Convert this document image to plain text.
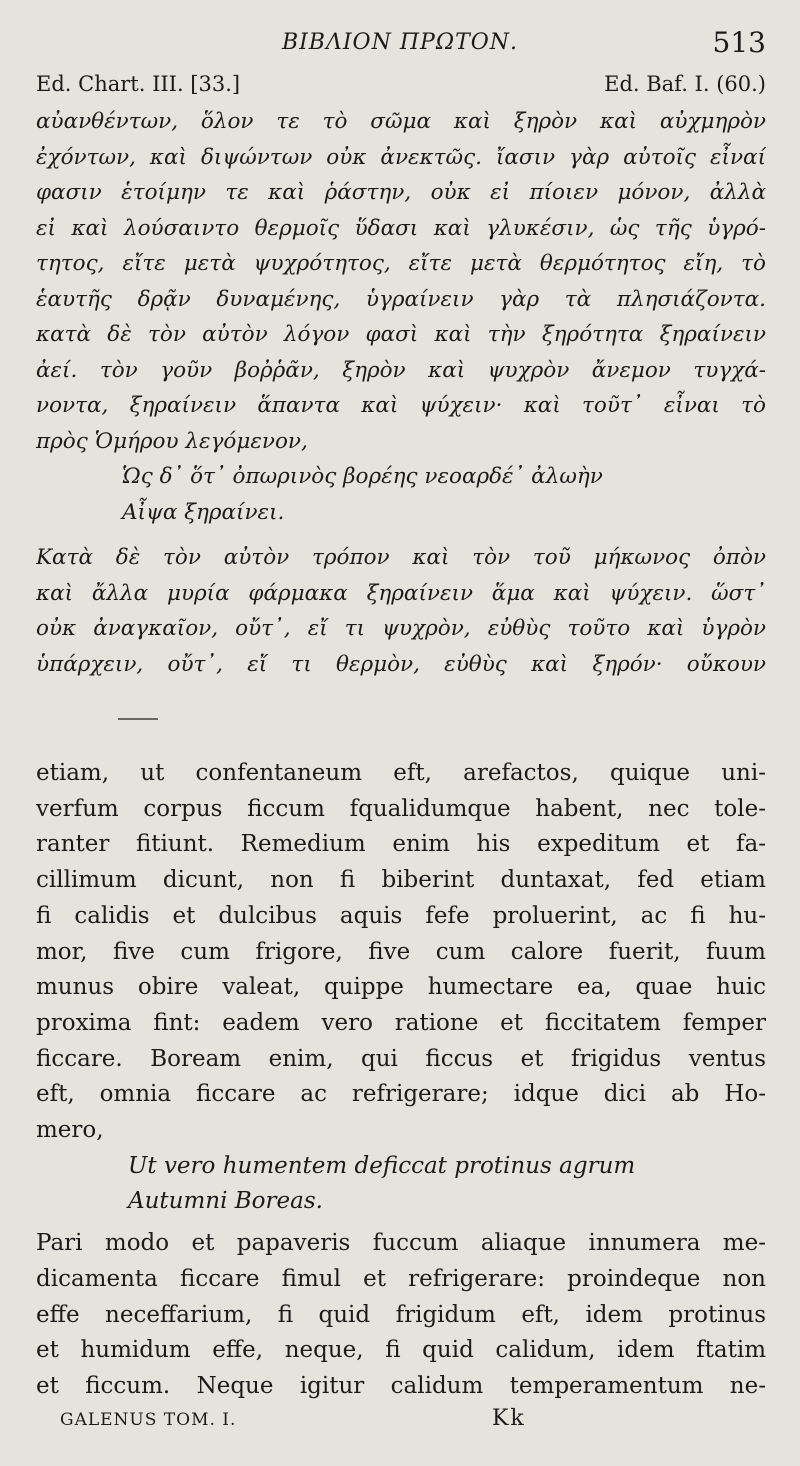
BIBΛΙΟΝ ΠΡΩΤΟΝ.	513
Ed. Chart. III. [33.]	Ed. Baf. I. (60.)
αὐανθέντων, ὅλον τε τὸ σῶμα καὶ ξηρὸν καὶ αὐχμηρὸν
ἐχόντων, καὶ διψώντων οὐκ ἀνεκτῶς. ἴασιν γὰρ αὐτοῖς εἶναί
φασιν ἑτοίμην τε καὶ ῥάστην, οὐκ εἰ πίοιεν μόνον, ἀλλὰ
εἰ καὶ λούσαιντο θερμοῖς ὕδασι καὶ γλυκέσιν, ὡς τῆς ὑγρό-
τητος, εἴτε μετὰ ψυχρότητος, εἴτε μετὰ θερμότητος εἴη, τὸ
ἑαυτῆς δρᾷν δυναμένης, ὑγραίνειν γὰρ τὰ πλησιάζοντα.
κατὰ δὲ τὸν αὐτὸν λόγον φασὶ καὶ τὴν ξηρότητα ξηραίνειν
ἀεί. τὸν γοῦν βοῤῥᾶν, ξηρὸν καὶ ψυχρὸν ἄνεμον τυγχά-
νοντα, ξηραίνειν ἅπαντα καὶ ψύχειν· καὶ τοῦτ᾽ εἶναι τὸ
πρὸς Ὁμήρου λεγόμενον,
Ὡς δ᾽ ὅτ᾽ ὀπωρινὸς βορέης νεοαρδέ᾽ ἀλωὴν
Αἶψα ξηραίνει.
Κατὰ δὲ τὸν αὐτὸν τρόπον καὶ τὸν τοῦ μήκωνος ὀπὸν
καὶ ἄλλα μυρία φάρμακα ξηραίνειν ἅμα καὶ ψύχειν. ὥστ᾽
οὐκ ἀναγκαῖον, οὔτ᾽, εἴ τι ψυχρὸν, εὐθὺς τοῦτο καὶ ὑγρὸν
ὑπάρχειν, οὔτ᾽, εἴ τι θερμὸν, εὐθὺς καὶ ξηρόν· οὔκουν
etiam, ut confentaneum eft, arefactos, quique uni-
verfum corpus ficcum fqualidumque habent, nec tole-
ranter fitiunt. Remedium enim his expeditum et fa-
cillimum dicunt, non fi biberint duntaxat, fed etiam
fi calidis et dulcibus aquis fefe proluerint, ac fi hu-
mor, five cum frigore, five cum calore fuerit, fuum
munus obire valeat, quippe humectare ea, quae huic
proxima fint: eadem vero ratione et ficcitatem femper
ficcare. Boream enim, qui ficcus et frigidus ventus
eft, omnia ficcare ac refrigerare; idque dici ab Ho-
mero,
Ut vero humentem deficcat protinus agrum
Autumni Boreas.
Pari modo et papaveris fuccum aliaque innumera me-
dicamenta ficcare fimul et refrigerare: proindeque non
effe neceffarium, fi quid frigidum eft, idem protinus
et humidum effe, neque, fi quid calidum, idem ftatim
et ficcum. Neque igitur calidum temperamentum ne-
GALENUS TOM. I.	Kk
